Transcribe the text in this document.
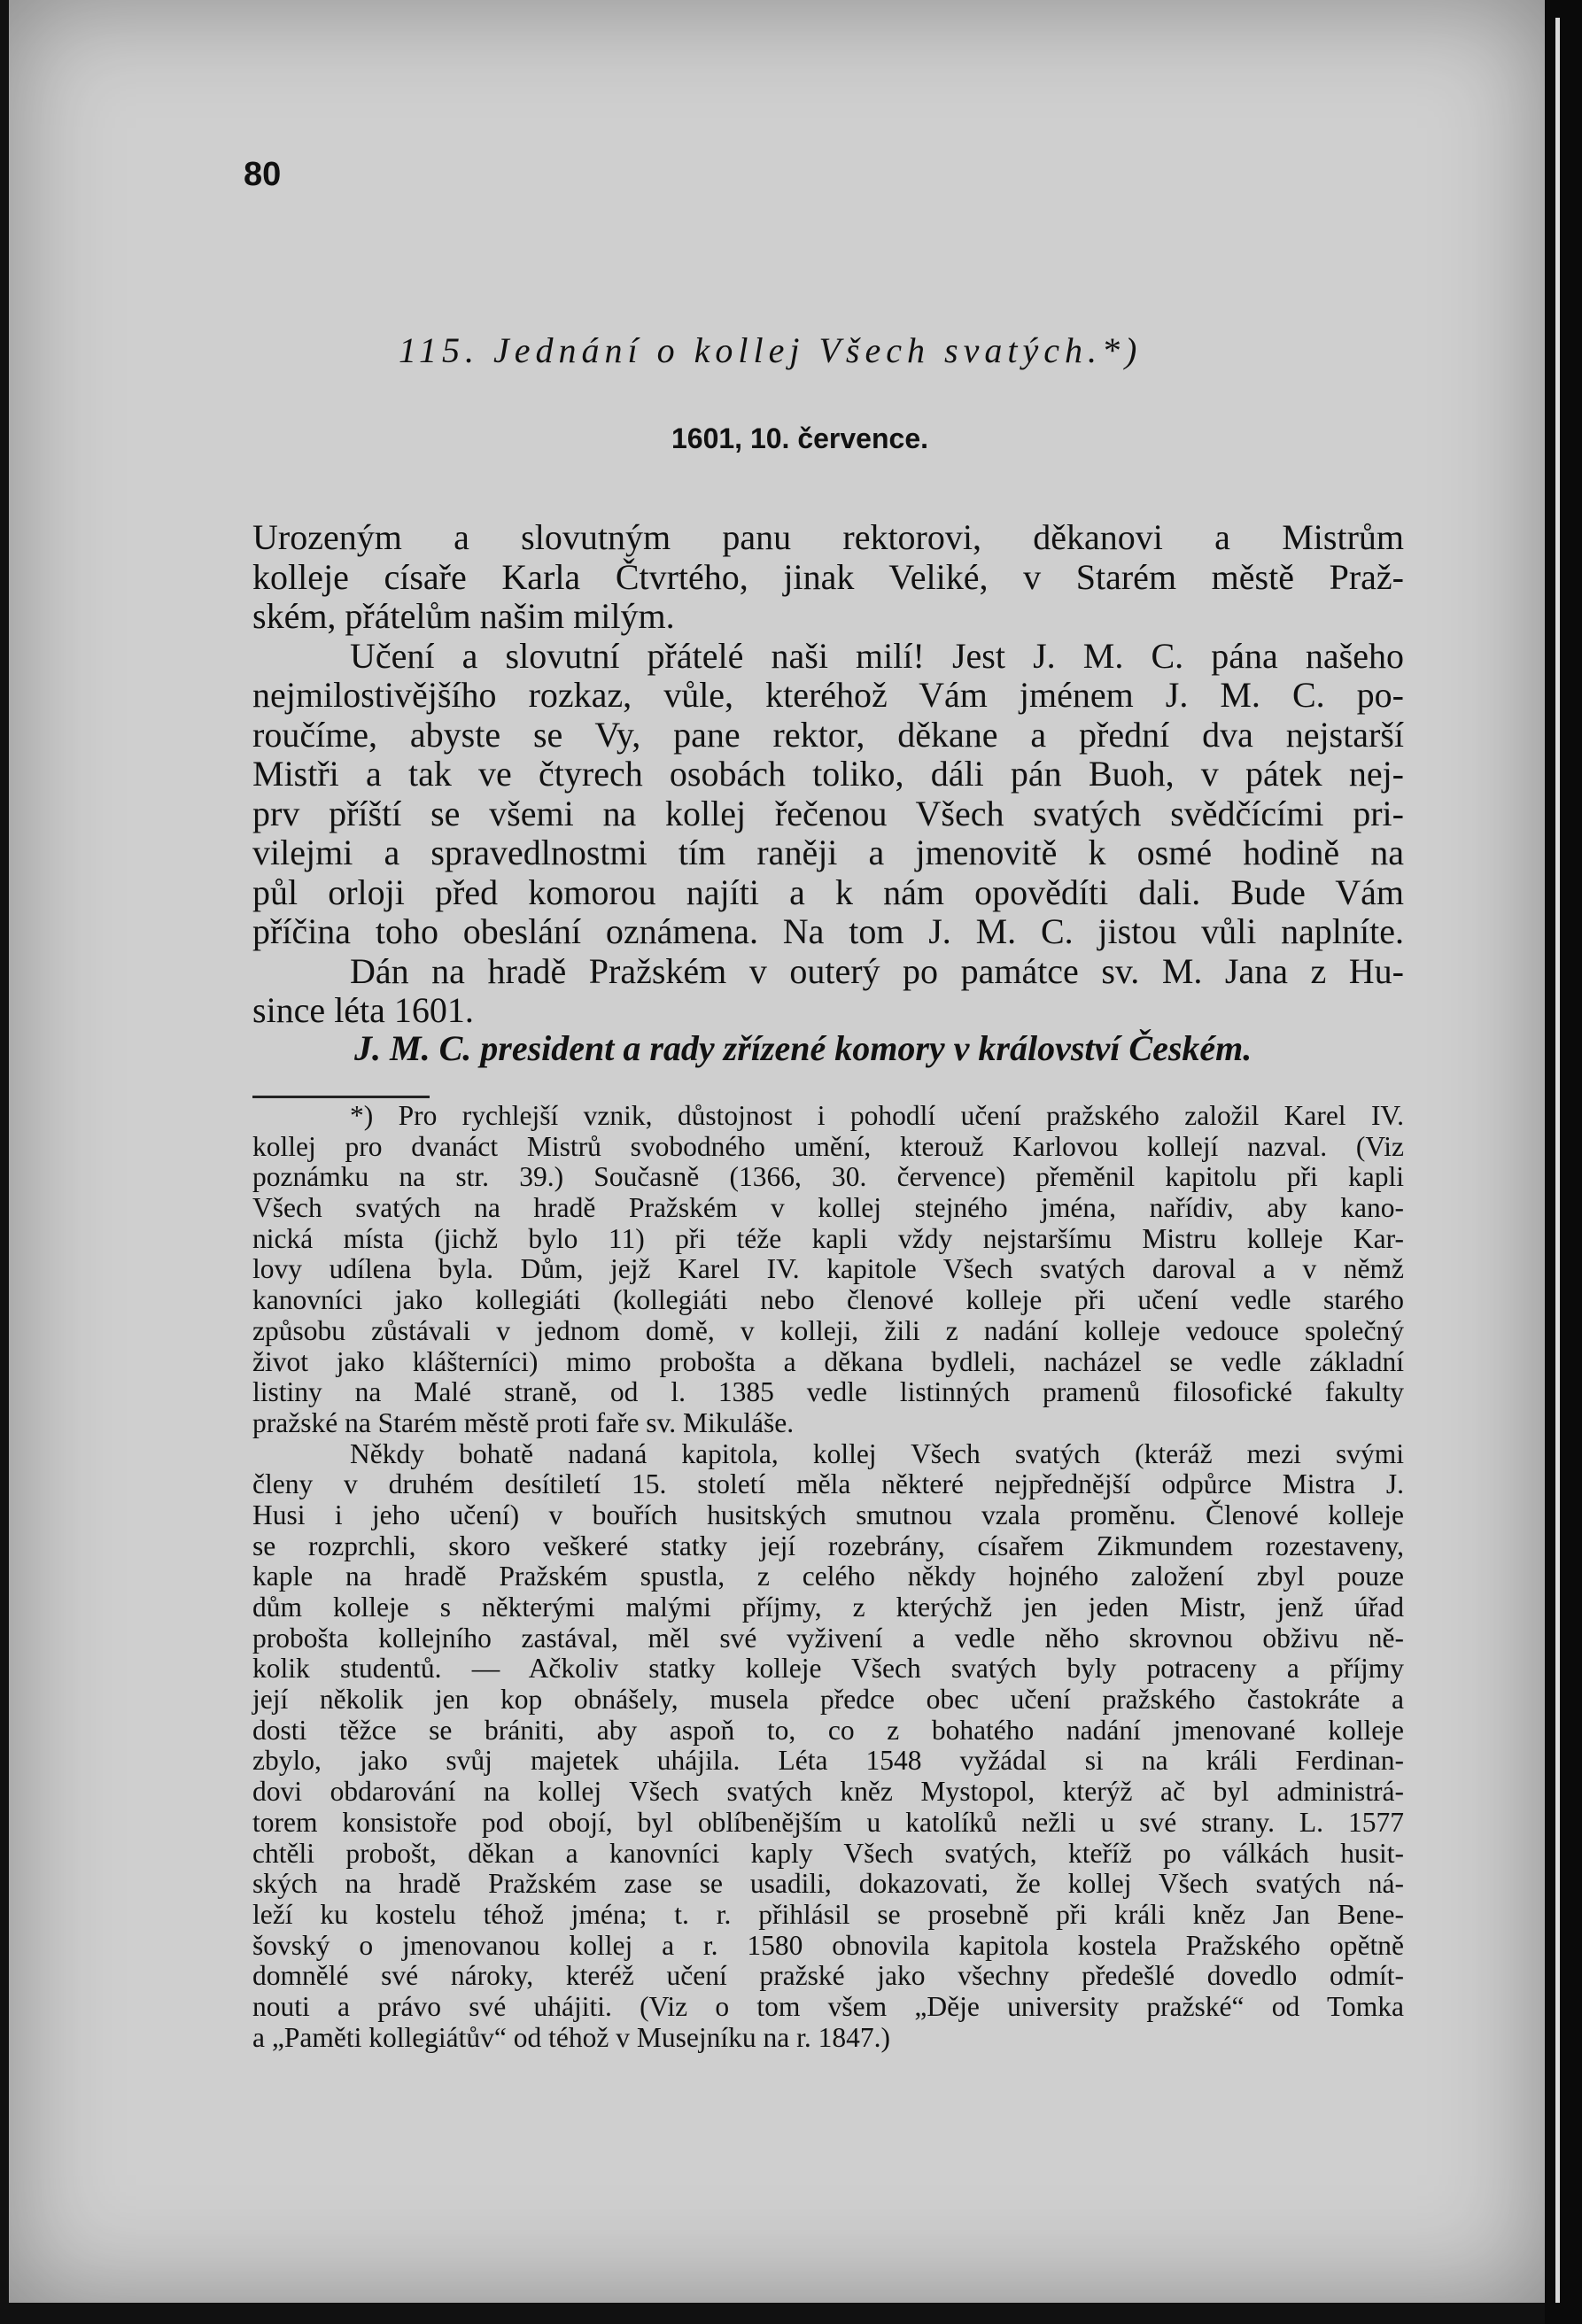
80
115. Jednání o kollej Všech svatých.*)
1601, 10. července.
Urozeným a slovutným panu rektorovi, děkanovi a Mistrům
kolleje císaře Karla Čtvrtého, jinak Veliké, v Starém městě Praž-
ském, přátelům našim milým.
Učení a slovutní přátelé naši milí! Jest J. M. C. pána našeho
nejmilostivějšího rozkaz, vůle, kteréhož Vám jménem J. M. C. po-
roučíme, abyste se Vy, pane rektor, děkane a přední dva nejstarší
Mistři a tak ve čtyrech osobách toliko, dáli pán Buoh, v pátek nej-
prv příští se všemi na kollej řečenou Všech svatých svědčícími pri-
vilejmi a spravedlnostmi tím raněji a jmenovitě k osmé hodině na
půl orloji před komorou najíti a k nám opovědíti dali. Bude Vám
příčina toho obeslání oznámena. Na tom J. M. C. jistou vůli naplníte.
Dán na hradě Pražském v outerý po památce sv. M. Jana z Hu-
since léta 1601.
J. M. C. president a rady zřízené komory v království Českém.
*) Pro rychlejší vznik, důstojnost i pohodlí učení pražského založil Karel IV.
kollej pro dvanáct Mistrů svobodného umění, kterouž Karlovou kollejí nazval. (Viz
poznámku na str. 39.) Současně (1366, 30. července) přeměnil kapitolu při kapli
Všech svatých na hradě Pražském v kollej stejného jména, nařídiv, aby kano-
nická místa (jichž bylo 11) při téže kapli vždy nejstaršímu Mistru kolleje Kar-
lovy udílena byla. Dům, jejž Karel IV. kapitole Všech svatých daroval a v němž
kanovníci jako kollegiáti (kollegiáti nebo členové kolleje při učení vedle starého
způsobu zůstávali v jednom domě, v kolleji, žili z nadání kolleje vedouce společný
život jako klášterníci) mimo proboštа a děkana bydleli, nacházel se vedle základní
listiny na Malé straně, od l. 1385 vedle listinných pramenů filosofické fakulty
pražské na Starém městě proti faře sv. Mikuláše.
Někdy bohatě nadaná kapitola, kollej Všech svatých (kteráž mezi svými
členy v druhém desítiletí 15. století měla některé nejpřednější odpůrce Mistra J.
Husi i jeho učení) v bouřích husitských smutnou vzala proměnu. Členové kolleje
se rozprchli, skoro veškeré statky její rozebrány, císařem Zikmundem rozestaveny,
kaple na hradě Pražském spustla, z celého někdy hojného založení zbyl pouze
dům kolleje s některými malými příjmy, z kterýchž jen jeden Mistr, jenž úřad
probošta kollejního zastával, měl své vyživení a vedle něho skrovnou obživu ně-
kolik studentů. — Ačkoliv statky kolleje Všech svatých byly potraceny a příjmy
její několik jen kop obnášely, musela předce obec učení pražského častokráte a
dosti těžce se brániti, aby aspoň to, co z bohatého nadání jmenované kolleje
zbylo, jako svůj majetek uhájila. Léta 1548 vyžádal si na králi Ferdinan-
dovi obdarování na kollej Všech svatých kněz Mystopol, kterýž ač byl administrá-
torem konsistoře pod obojí, byl oblíbenějším u katolíků nežli u své strany. L. 1577
chtěli probošt, děkan a kanovníci kaply Všech svatých, kteříž po válkách husit-
ských na hradě Pražském zase se usadili, dokazovati, že kollej Všech svatých ná-
leží ku kostelu téhož jména; t. r. přihlásil se prosebně při králi kněz Jan Bene-
šovský o jmenovanou kollej a r. 1580 obnovila kapitola kostela Pražského opětně
domnělé své nároky, kteréž učení pražské jako všechny předešlé dovedlo odmít-
nouti a právo své uhájiti. (Viz o tom všem „Děje university pražské“ od Tomka
a „Paměti kollegiátův“ od téhož v Musejníku na r. 1847.)
